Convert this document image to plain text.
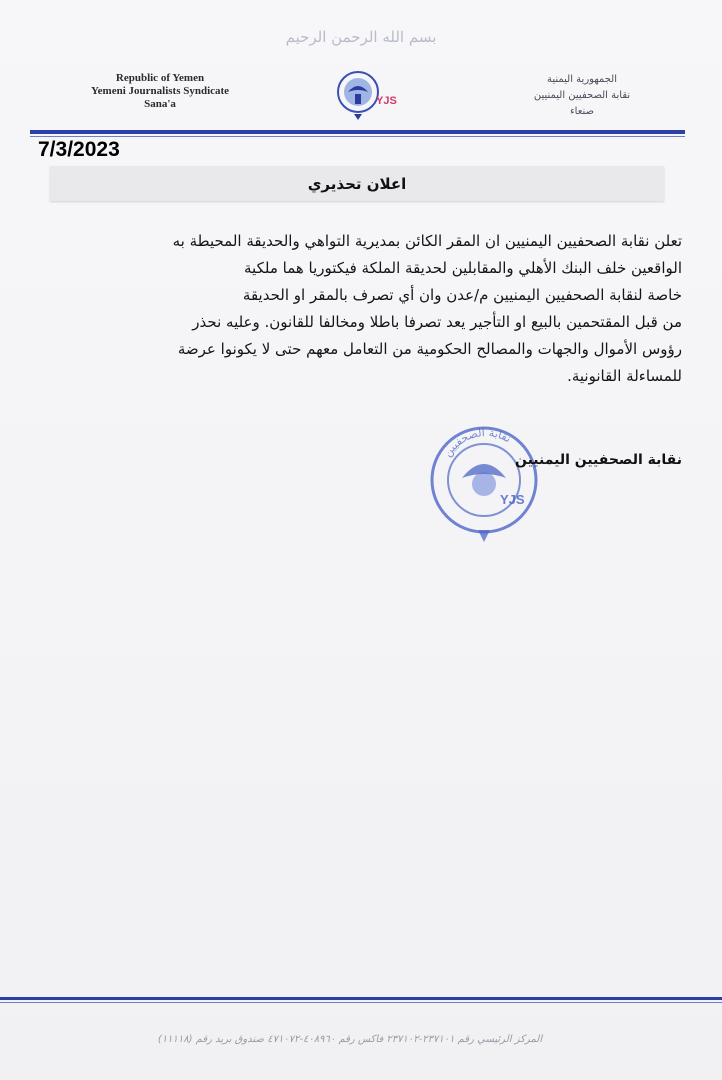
بسم الله الرحمن الرحيم
Republic of Yemen
Yemeni Journalists Syndicate
Sana'a	YJS
الجمهورية اليمنية
نقابة الصحفيين اليمنيين
صنعاء
7/3/2023
اعلان تحذيري
تعلن نقابة الصحفيين اليمنيين ان المقر الكائن بمديرية التواهي والحديقة المحيطة به
الواقعين خلف البنك الأهلي والمقابلين لحديقة الملكة فيكتوريا هما ملكية
خاصة لنقابة الصحفيين اليمنيين م/عدن وان أي تصرف بالمقر او الحديقة
من قبل المقتحمين بالبيع او التأجير يعد تصرفا باطلا ومخالفا للقانون. وعليه نحذر
رؤوس الأموال والجهات والمصالح الحكومية من التعامل معهم حتى لا يكونوا عرضة
للمساءلة القانونية.
YJS
نقابة الصحفيين
نقابة الصحفيين اليمنيين
المركز الرئيسي رقم ٢٣٧١٠١-٢٣٧١٠٢ فاكس رقم ٤٠٨٩٦٠-٤٧١٠٧٢ صندوق بريد رقم (١١١١٨)
